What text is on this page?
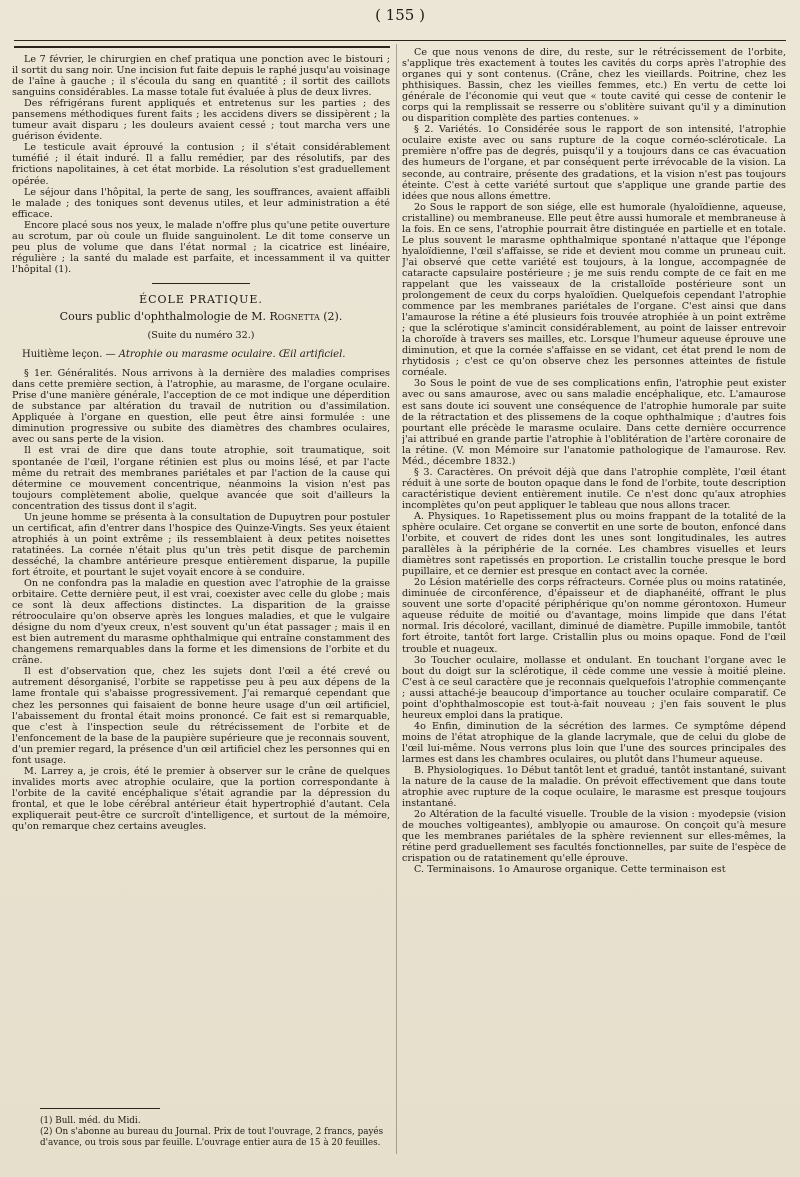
( 155 )

Le 7 février, le chirurgien en chef pratiqua une ponction avec le bistouri ; il sortit du sang noir. Une incision fut faite depuis le raphé jusqu'au voisinage de l'aîne à gauche ; il s'écoula du sang en quantité ; il sortit des caillots sanguins considérables. La masse totale fut évaluée à plus de deux livres.

Des réfrigérans furent appliqués et entretenus sur les parties ; des pansemens méthodiques furent faits ; les accidens divers se dissipèrent ; la tumeur avait disparu ; les douleurs avaient cessé ; tout marcha vers une guérison évidente.

Le testicule avait éprouvé la contusion ; il s'était considérablement tuméfié ; il était induré. Il a fallu remédier, par des résolutifs, par des frictions napolitaines, à cet état morbide. La résolution s'est graduellement opérée.

Le séjour dans l'hôpital, la perte de sang, les souffrances, avaient affaibli le malade ; des toniques sont devenus utiles, et leur administration a été efficace.

Encore placé sous nos yeux, le malade n'offre plus qu'une petite ouverture au scrotum, par où coule un fluide sanguinolent. Le dit tome conserve un peu plus de volume que dans l'état normal ; la cicatrice est linéaire, régulière ; la santé du malade est parfaite, et incessamment il va quitter l'hôpital (1).

ÉCOLE PRATIQUE.
Cours public d'ophthalmologie de M. Rognetta (2).
(Suite du numéro 32.)
Huitième leçon. — Atrophie ou marasme oculaire. Œil artificiel.

§ 1er. Généralités. Nous arrivons à la dernière des maladies comprises dans cette première section, à l'atrophie, au marasme, de l'organe oculaire. Prise d'une manière générale, l'acception de ce mot indique une déperdition de substance par altération du travail de nutrition ou d'assimilation. Appliquée à l'organe en question, elle peut être ainsi formulée : une diminution progressive ou subite des diamètres des chambres oculaires, avec ou sans perte de la vision.

Il est vrai de dire que dans toute atrophie, soit traumatique, soit spontanée de l'œil, l'organe rétinien est plus ou moins lésé, et par l'acte même du retrait des membranes pariétales et par l'action de la cause qui détermine ce mouvement concentrique, néanmoins la vision n'est pas toujours complètement abolie, quelque avancée que soit d'ailleurs la concentration des tissus dont il s'agit.

Un jeune homme se présenta à la consultation de Dupuytren pour postuler un certificat, afin d'entrer dans l'hospice des Quinze-Vingts. Ses yeux étaient atrophiés à un point extrême ; ils ressemblaient à deux petites noisettes ratatinées. La cornée n'était plus qu'un très petit disque de parchemin desséché, la chambre antérieure presque entièrement disparue, la pupille fort étroite, et pourtant le sujet voyait encore à se conduire.

On ne confondra pas la maladie en question avec l'atrophie de la graisse orbitaire. Cette dernière peut, il est vrai, coexister avec celle du globe ; mais ce sont là deux affections distinctes. La disparition de la graisse rétrooculaire qu'on observe après les longues maladies, et que le vulgaire désigne du nom d'yeux creux, n'est souvent qu'un état passager ; mais il en est bien autrement du marasme ophthalmique qui entraîne constamment des changemens remarquables dans la forme et les dimensions de l'orbite et du crâne.

Il est d'observation que, chez les sujets dont l'œil a été crevé ou autrement désorganisé, l'orbite se rappetisse peu à peu aux dépens de la lame frontale qui s'abaisse progressivement. J'ai remarqué cependant que chez les personnes qui faisaient de bonne heure usage d'un œil artificiel, l'abaissement du frontal était moins prononcé. Ce fait est si remarquable, que c'est à l'inspection seule du rétrécissement de l'orbite et de l'enfoncement de la base de la paupière supérieure que je reconnais souvent, d'un premier regard, la présence d'un œil artificiel chez les personnes qui en font usage.

M. Larrey a, je crois, été le premier à observer sur le crâne de quelques invalides morts avec atrophie oculaire, que la portion correspondante à l'orbite de la cavité encéphalique s'était agrandie par la dépression du frontal, et que le lobe cérébral antérieur était hypertrophié d'autant. Cela expliquerait peut-être ce surcroît d'intelligence, et surtout de la mémoire, qu'on remarque chez certains aveugles.

(1) Bull. méd. du Midi.

(2) On s'abonne au bureau du Journal. Prix de tout l'ouvrage, 2 francs, payés d'avance, ou trois sous par feuille. L'ouvrage entier aura de 15 à 20 feuilles.

Ce que nous venons de dire, du reste, sur le rétrécissement de l'orbite, s'applique très exactement à toutes les cavités du corps après l'atrophie des organes qui y sont contenus. (Crâne, chez les vieillards. Poitrine, chez les phthisiques. Bassin, chez les vieilles femmes, etc.) En vertu de cette loi générale de l'économie qui veut que « toute cavité qui cesse de contenir le corps qui la remplissait se resserre ou s'oblitère suivant qu'il y a diminution ou disparition complète des parties contenues. »

§ 2. Variétés. 1o Considérée sous le rapport de son intensité, l'atrophie oculaire existe avec ou sans rupture de la coque cornéo-scléroticale. La première n'offre pas de degrés, puisqu'il y a toujours dans ce cas évacuation des humeurs de l'organe, et par conséquent perte irrévocable de la vision. La seconde, au contraire, présente des gradations, et la vision n'est pas toujours éteinte. C'est à cette variété surtout que s'applique une grande partie des idées que nous allons émettre.

2o Sous le rapport de son siége, elle est humorale (hyaloïdienne, aqueuse, cristalline) ou membraneuse. Elle peut être aussi humorale et membraneuse à la fois. En ce sens, l'atrophie pourrait être distinguée en partielle et en totale. Le plus souvent le marasme ophthalmique spontané n'attaque que l'éponge hyaloïdienne, l'œil s'affaisse, se ride et devient mou comme un pruneau cuit. J'ai observé que cette variété est toujours, à la longue, accompagnée de cataracte capsulaire postérieure ; je me suis rendu compte de ce fait en me rappelant que les vaisseaux de la cristalloïde postérieure sont un prolongement de ceux du corps hyaloïdien. Quelquefois cependant l'atrophie commence par les membranes pariétales de l'organe. C'est ainsi que dans l'amaurose la rétine a été plusieurs fois trouvée atrophiée à un point extrême ; que la sclérotique s'amincit considérablement, au point de laisser entrevoir la choroïde à travers ses mailles, etc. Lorsque l'humeur aqueuse éprouve une diminution, et que la cornée s'affaisse en se vidant, cet état prend le nom de rhytidosis ; c'est ce qu'on observe chez les personnes atteintes de fistule cornéale.

3o Sous le point de vue de ses complications enfin, l'atrophie peut exister avec ou sans amaurose, avec ou sans maladie encéphalique, etc. L'amaurose est sans doute ici souvent une conséquence de l'atrophie humorale par suite de la rétractation et des plissemens de la coque ophthalmique ; d'autres fois pourtant elle précède le marasme oculaire. Dans cette dernière occurrence j'ai attribué en grande partie l'atrophie à l'oblitération de l'artère coronaire de la rétine. (V. mon Mémoire sur l'anatomie pathologique de l'amaurose. Rev. Méd., décembre 1832.)

§ 3. Caractères. On prévoit déjà que dans l'atrophie complète, l'œil étant réduit à une sorte de bouton opaque dans le fond de l'orbite, toute description caractéristique devient entièrement inutile. Ce n'est donc qu'aux atrophies incomplètes qu'on peut appliquer le tableau que nous allons tracer.

A. Physiques. 1o Rapetissement plus ou moins frappant de la totalité de la sphère oculaire. Cet organe se convertit en une sorte de bouton, enfoncé dans l'orbite, et couvert de rides dont les unes sont longitudinales, les autres parallèles à la périphérie de la cornée. Les chambres visuelles et leurs diamètres sont rapetissés en proportion. Le cristallin touche presque le bord pupillaire, et ce dernier est presque en contact avec la cornée.

2o Lésion matérielle des corps réfracteurs. Cornée plus ou moins ratatinée, diminuée de circonférence, d'épaisseur et de diaphanéité, offrant le plus souvent une sorte d'opacité périphérique qu'on nomme gérontoxon. Humeur aqueuse réduite de moitié ou d'avantage, moins limpide que dans l'état normal. Iris décoloré, vacillant, diminué de diamètre. Pupille immobile, tantôt fort étroite, tantôt fort large. Cristallin plus ou moins opaque. Fond de l'œil trouble et nuageux.

3o Toucher oculaire, mollasse et ondulant. En touchant l'organe avec le bout du doigt sur la sclérotique, il cède comme une vessie à moitié pleine. C'est à ce seul caractère que je reconnais quelquefois l'atrophie commençante ; aussi attaché-je beaucoup d'importance au toucher oculaire comparatif. Ce point d'ophthalmoscopie est tout-à-fait nouveau ; j'en fais souvent le plus heureux emploi dans la pratique.

4o Enfin, diminution de la sécrétion des larmes. Ce symptôme dépend moins de l'état atrophique de la glande lacrymale, que de celui du globe de l'œil lui-même. Nous verrons plus loin que l'une des sources principales des larmes est dans les chambres oculaires, ou plutôt dans l'humeur aqueuse.

B. Physiologiques. 1o Début tantôt lent et gradué, tantôt instantané, suivant la nature de la cause de la maladie. On prévoit effectivement que dans toute atrophie avec rupture de la coque oculaire, le marasme est presque toujours instantané.

2o Altération de la faculté visuelle. Trouble de la vision : myodepsie (vision de mouches voltigeantes), amblyopie ou amaurose. On conçoit qu'à mesure que les membranes pariétales de la sphère reviennent sur elles-mêmes, la rétine perd graduellement ses facultés fonctionnelles, par suite de l'espèce de crispation ou de ratatinement qu'elle éprouve.

C. Terminaisons. 1o Amaurose organique. Cette terminaison est
